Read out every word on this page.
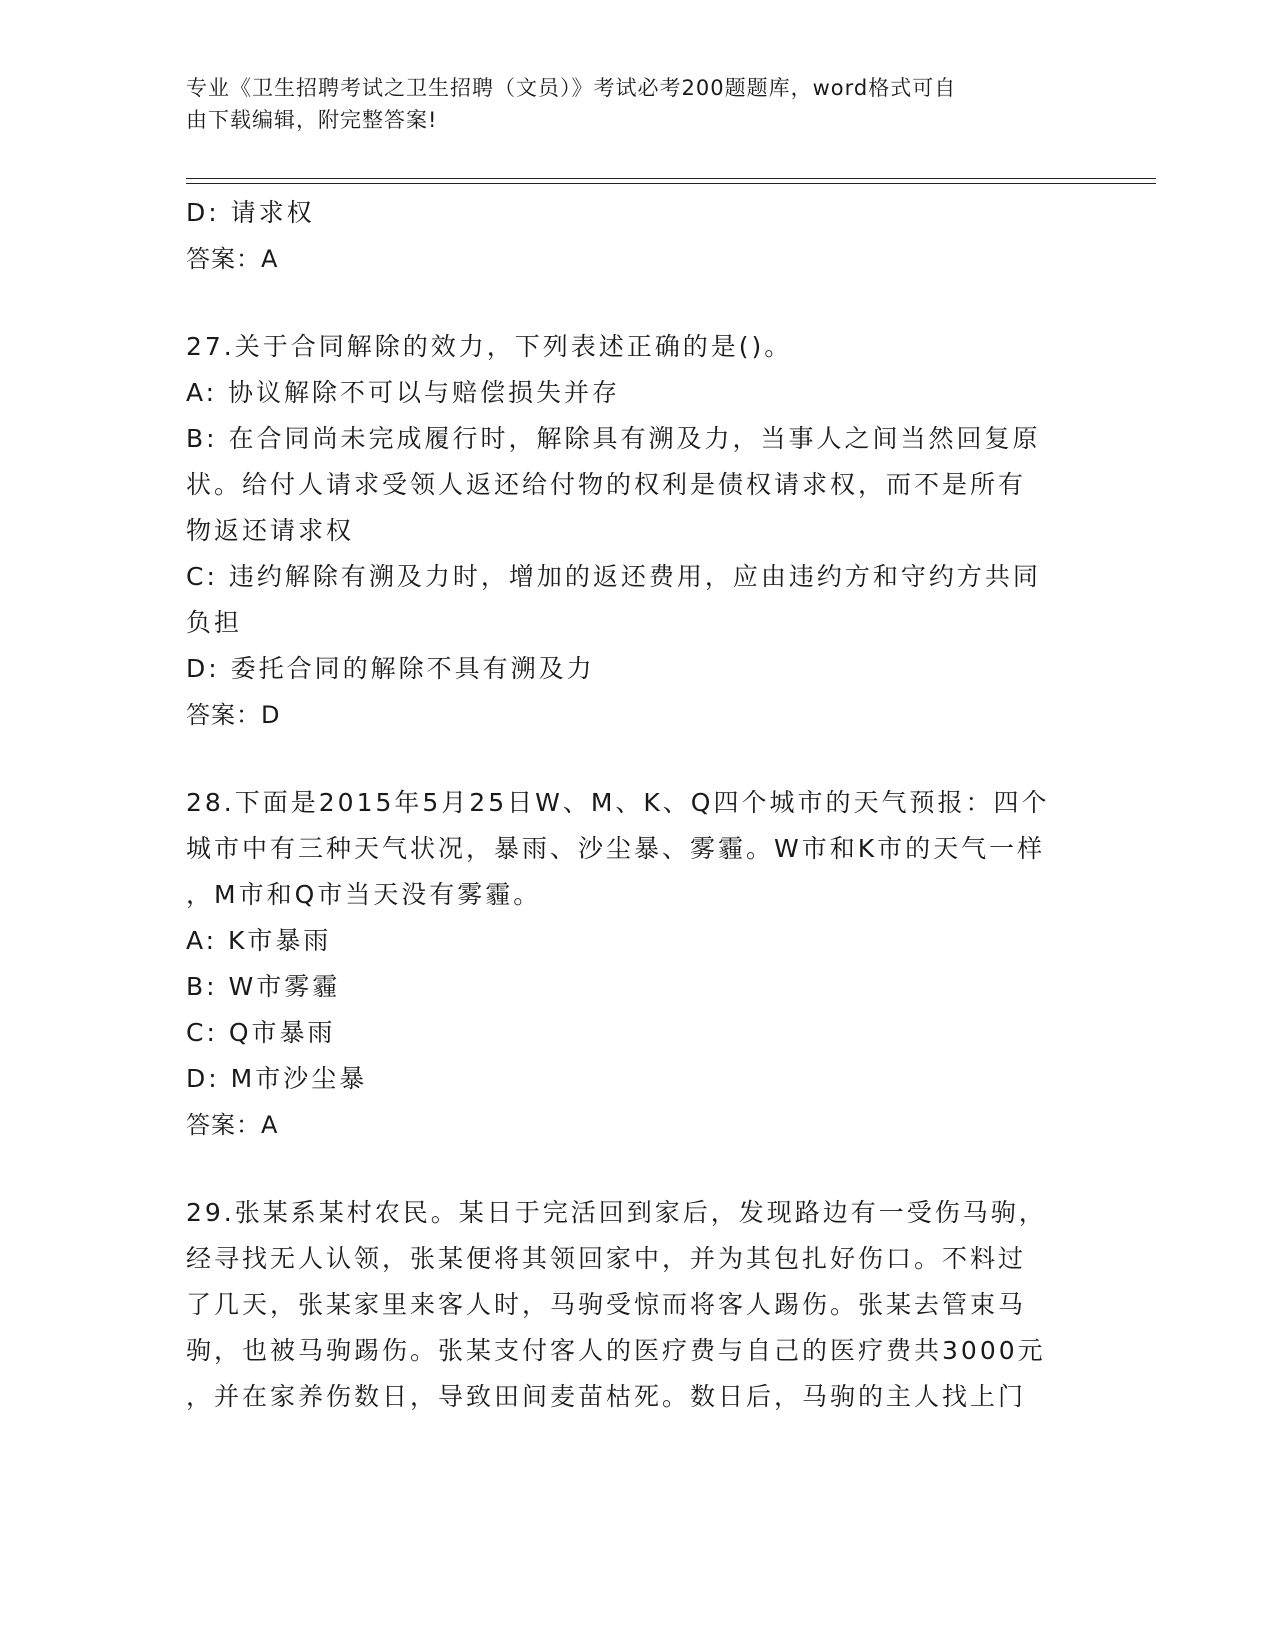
专业《卫生招聘考试之卫生招聘（文员）》考试必考200题题库，word格式可自
由下载编辑，附完整答案!
D: 请求权
答案：A
27.关于合同解除的效力，下列表述正确的是()。
A: 协议解除不可以与赔偿损失并存
B: 在合同尚未完成履行时，解除具有溯及力，当事人之间当然回复原
状。给付人请求受领人返还给付物的权利是债权请求权，而不是所有
物返还请求权
C: 违约解除有溯及力时，增加的返还费用，应由违约方和守约方共同
负担
D: 委托合同的解除不具有溯及力
答案：D
28.下面是2015年5月25日W、M、K、Q四个城市的天气预报：四个
城市中有三种天气状况，暴雨、沙尘暴、雾霾。W市和K市的天气一样
，M市和Q市当天没有雾霾。
A: K市暴雨
B: W市雾霾
C: Q市暴雨
D: M市沙尘暴
答案：A
29.张某系某村农民。某日于完活回到家后，发现路边有一受伤马驹，
经寻找无人认领，张某便将其领回家中，并为其包扎好伤口。不料过
了几天，张某家里来客人时，马驹受惊而将客人踢伤。张某去管束马
驹，也被马驹踢伤。张某支付客人的医疗费与自己的医疗费共3000元
，并在家养伤数日，导致田间麦苗枯死。数日后，马驹的主人找上门
